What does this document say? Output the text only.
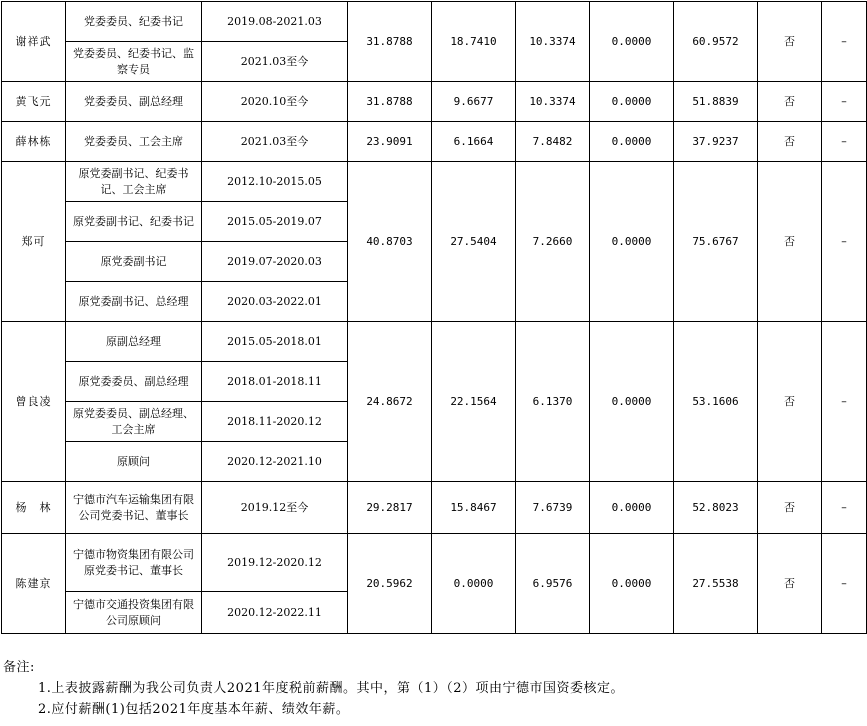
谢祥武	党委委员、纪委书记	2019.08-2021.03	31.8788	18.7410	10.3374	0.0000	60.9572	否	–
	党委委员、纪委书记、监察专员	2021.03至今							
黄飞元	党委委员、副总经理	2020.10至今	31.8788	9.6677	10.3374	0.0000	51.8839	否	–
薛林栋	党委委员、工会主席	2021.03至今	23.9091	6.1664	7.8482	0.0000	37.9237	否	–
郑可	原党委副书记、纪委书记、工会主席	2012.10-2015.05	40.8703	27.5404	7.2660	0.0000	75.6767	否	–
	原党委副书记、纪委书记	2015.05-2019.07							
	原党委副书记	2019.07-2020.03							
	原党委副书记、总经理	2020.03-2022.01							
曾良凌	原副总经理	2015.05-2018.01	24.8672	22.1564	6.1370	0.0000	53.1606	否	–
	原党委委员、副总经理	2018.01-2018.11							
	原党委委员、副总经理、工会主席	2018.11-2020.12							
	原顾问	2020.12-2021.10							
杨　林	宁德市汽车运输集团有限公司党委书记、董事长	2019.12至今	29.2817	15.8467	7.6739	0.0000	52.8023	否	–
陈建京	宁德市物资集团有限公司原党委书记、董事长	2019.12-2020.12	20.5962	0.0000	6.9576	0.0000	27.5538	否	–
	宁德市交通投资集团有限公司原顾问	2020.12-2022.11							
备注:
1.上表披露薪酬为我公司负责人2021年度税前薪酬。其中，第（1）（2）项由宁德市国资委核定。
2.应付薪酬(1)包括2021年度基本年薪、绩效年薪。
